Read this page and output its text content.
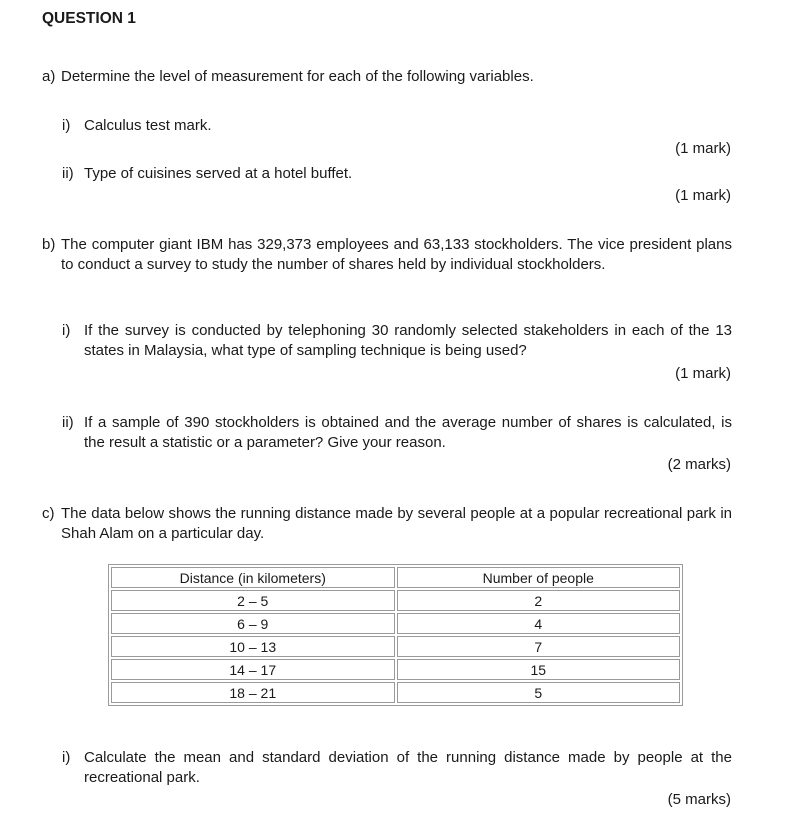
QUESTION 1
a) Determine the level of measurement for each of the following variables.
i) Calculus test mark.
(1 mark)
ii) Type of cuisines served at a hotel buffet.
(1 mark)
b) The computer giant IBM has 329,373 employees and 63,133 stockholders. The vice president plans to conduct a survey to study the number of shares held by individual stockholders.
i) If the survey is conducted by telephoning 30 randomly selected stakeholders in each of the 13 states in Malaysia, what type of sampling technique is being used?
(1 mark)
ii) If a sample of 390 stockholders is obtained and the average number of shares is calculated, is the result a statistic or a parameter? Give your reason.
(2 marks)
c) The data below shows the running distance made by several people at a popular recreational park in Shah Alam on a particular day.
Distance (in kilometers)	Number of people
2 – 5	2
6 – 9	4
10 – 13	7
14 – 17	15
18 – 21	5
i) Calculate the mean and standard deviation of the running distance made by people at the recreational park.
(5 marks)
